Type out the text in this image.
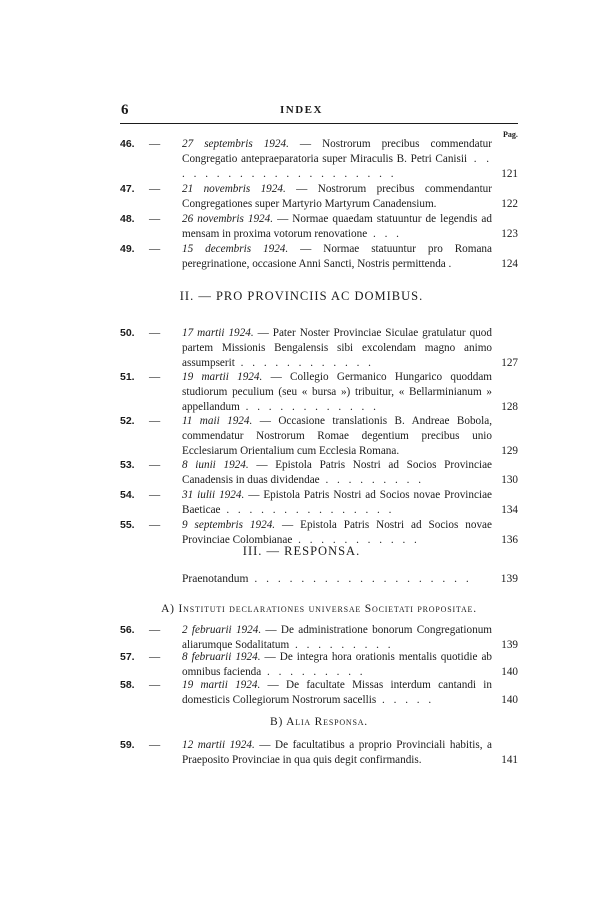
6	INDEX
Pag.
46. — 27 septembris 1924. — Nostrorum precibus commendatur Congregatio antepraeparatoria super Miraculis B. Petri Canisii . . . . . . . . . . . . . . . . . . . . .	121
47. — 21 novembris 1924. — Nostrorum precibus commendantur Congregationes super Martyrio Martyrum Canadensium.	122
48. — 26 novembris 1924. — Normae quaedam statuuntur de legendis ad mensam in proxima votorum renovatione . . .	123
49. — 15 decembris 1924. — Normae statuuntur pro Romana peregrinatione, occasione Anni Sancti, Nostris permittenda .	124
II. — PRO PROVINCIIS AC DOMIBUS.
50. — 17 martii 1924. — Pater Noster Provinciae Siculae gratulatur quod partem Missionis Bengalensis sibi excolendam magno animo assumpserit . . . . . . . . . . . .	127
51. — 19 martii 1924. — Collegio Germanico Hungarico quoddam studiorum peculium (seu « bursa ») tribuitur, « Bellarminianum » appellandum . . . . . . . . . . . .	128
52. — 11 maii 1924. — Occasione translationis B. Andreae Bobola, commendatur Nostrorum Romae degentium precibus unio Ecclesiarum Orientalium cum Ecclesia Romana.	129
53. — 8 iunii 1924. — Epistola Patris Nostri ad Socios Provinciae Canadensis in duas dividendae . . . . . . . . .	130
54. — 31 iulii 1924. — Epistola Patris Nostri ad Socios novae Provinciae Baeticae . . . . . . . . . . . . . . .	134
55. — 9 septembris 1924. — Epistola Patris Nostri ad Socios novae Provinciae Colombianae . . . . . . . . . . .	136
III. — RESPONSA.
Praenotandum . . . . . . . . . . . . . . . . . . .	139
A) Instituti declarationes universae Societati propositae.
56. — 2 februarii 1924. — De administratione bonorum Congregationum aliarumque Sodalitatum . . . . . . . . .	139
57. — 8 februarii 1924. — De integra hora orationis mentalis quotidie ab omnibus facienda . . . . . . . . .	140
58. — 19 martii 1924. — De facultate Missas interdum cantandi in domesticis Collegiorum Nostrorum sacellis . . . . .	140
B) Alia Responsa.
59. — 12 martii 1924. — De facultatibus a proprio Provinciali habitis, a Praeposito Provinciae in qua quis degit confirmandis.	141
